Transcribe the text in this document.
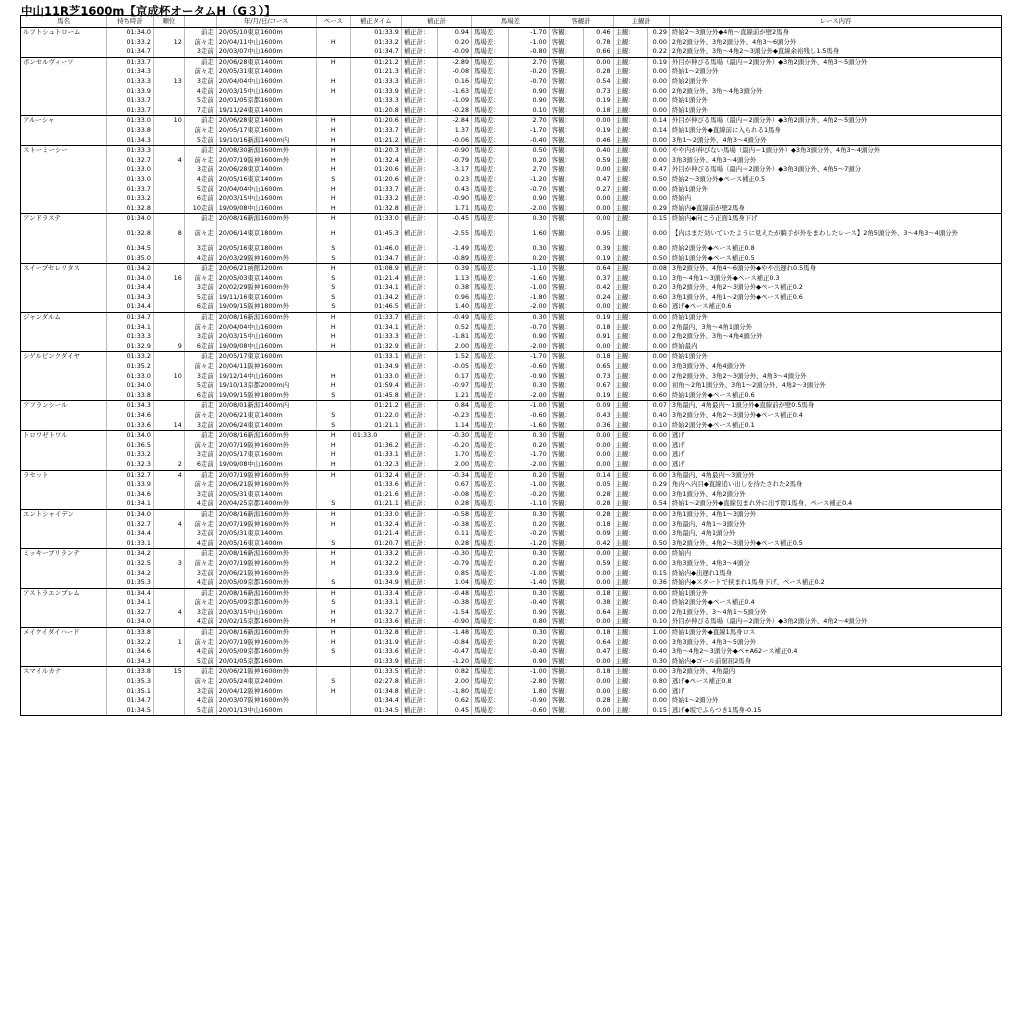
中山11R芝1600m【京成杯オータムH（G３）】
馬名	持ち時計	順位		年/月/日/コース	ペース	補正タイム	補正計		馬場差		客観計		主観計		レース内容
ルフトシュトローム	01:34.0		前走	20/05/10東京1600m		01:33.9	補正計：	0.94	馬場差：	-1.70	客観：	0.46	主観：	0.29	終始2～3頭分外◆4角～直線前が壁2馬身
	01:33.2	12	前々走	20/04/11中山1600m	H	01:33.2	補正計：	0.20	馬場差：	-1.00	客観：	0.78	主観：	0.00	2角2頭分外、3角2頭分外、4角3～6頭分外
	01:34.7		3走前	20/03/07中山1600m		01:34.7	補正計：	-0.09	馬場差：	-0.80	客観：	0.66	主観：	0.22	2角2頭分外、3角～4角2～3頭分外◆直線余裕残し1.5馬身
ボンセルヴィーソ	01:33.7		前走	20/06/28東京1400m	H	01:21.2	補正計：	-2.89	馬場差：	2.70	客観：	0.00	主観：	0.19	外目が伸びる馬場（最内＝2頭分外）◆3角2頭分外、4角3～5頭分外
	01:34.3		前々走	20/05/31東京1400m		01:21.3	補正計：	-0.08	馬場差：	-0.20	客観：	0.28	主観：	0.00	終始1～2頭分外
	01:33.3	13	3走前	20/04/04中山1600m	H	01:33.3	補正計：	0.16	馬場差：	-0.70	客観：	0.54	主観：	0.00	終始2頭分外
	01:33.9		4走前	20/03/15中山1600m	H	01:33.9	補正計：	-1.63	馬場差：	0.90	客観：	0.73	主観：	0.00	2角2頭分外、3角～4角3頭分外
	01:33.7		5走前	20/01/05京都1600m		01:33.3	補正計：	-1.09	馬場差：	0.90	客観：	0.19	主観：	0.00	終始1頭分外
	01:33.7		7走前	19/11/24東京1400m		01:20.8	補正計：	-0.28	馬場差：	0.10	客観：	0.18	主観：	0.00	終始1頭分外
アルーシャ	01:33.0	10	前走	20/06/28東京1400m	H	01:20.6	補正計：	-2.84	馬場差：	2.70	客観：	0.00	主観：	0.14	外目が伸びる馬場（最内＝2頭分外）◆3角2頭分外、4角2～5頭分外
	01:33.8		前々走	20/05/17東京1600m	H	01:33.7	補正計：	1.37	馬場差：	-1.70	客観：	0.19	主観：	0.14	終始1頭分外◆直線前に入られる1馬身
	01:34.3		5走前	19/10/16新潟1400m内	H	01:21.2	補正計：	-0.06	馬場差：	-0.40	客観：	0.46	主観：	0.00	3角1～2頭分外、4角3～4頭分外
ストーミーシー	01:33.3		前走	20/08/30新潟1600m外	H	01:20.3	補正計：	-0.90	馬場差：	0.50	客観：	0.40	主観：	0.00	やや内が伸びない馬場（最内＝1頭分外）◆3角3頭分外、4角3～4頭分外
	01:32.7	4	前々走	20/07/19阪神1600m外	H	01:32.4	補正計：	-0.79	馬場差：	0.20	客観：	0.59	主観：	0.00	3角3頭分外、4角3～4頭分外
	01:33.0		3走前	20/06/28東京1400m	H	01:20.6	補正計：	-3.17	馬場差：	2.70	客観：	0.00	主観：	0.47	外目が伸びる馬場（最内＝2頭分外）◆3角3頭分外、4角5～7頭分
	01:33.0		4走前	20/05/16東京1400m	S	01:20.6	補正計：	0.23	馬場差：	-1.20	客観：	0.47	主観：	0.50	終始2～3頭分外◆ペース補正0.5
	01:33.7		5走前	20/04/04中山1600m	H	01:33.7	補正計：	0.43	馬場差：	-0.70	客観：	0.27	主観：	0.00	終始1頭分外
	01:33.2		6走前	20/03/15中山1600m	H	01:33.2	補正計：	-0.90	馬場差：	0.90	客観：	0.00	主観：	0.00	終始内
	01:32.8		10走前	19/09/08中山1600m	H	01:32.8	補正計：	1.71	馬場差：	-2.00	客観：	0.00	主観：	0.29	終始内◆直線前が壁2馬身
アンドラステ	01:34.0		前走	20/08/16新潟1600m外	H	01:33.0	補正計：	-0.45	馬場差：	0.30	客観：	0.00	主観：	0.15	終始内◆向こう正面1馬身下げ
	01:32.8	8	前々走	20/06/14東京1800m	H	01:45.3	補正計：	-2.55	馬場差：	1.60	客観：	0.95	主観：	0.00	【内はまだ効いていたように見えたが騎手が外をまわしたレース】2角5頭分外、3～4角3～4頭分外
	01:34.5		3走前	20/05/16東京1800m	S	01:46.0	補正計：	-1.49	馬場差：	0.30	客観：	0.39	主観：	0.80	終始2頭分外◆ペース補正0.8
	01:35.0		4走前	20/03/29阪神1600m外	S	01:34.7	補正計：	-0.89	馬場差：	0.20	客観：	0.19	主観：	0.50	終始1頭分外◆ペース補正0.5
スイープセレリタス	01:34.2		前走	20/06/21函館1200m	H	01:08.9	補正計：	0.39	馬場差：	-1.10	客観：	0.64	主観：	0.08	3角2頭分外、4角4～6頭分外◆やや出遅れ0.5馬身
	01:34.0	16	前々走	20/05/03東京1400m	S	01:21.4	補正計：	1.13	馬場差：	-1.60	客観：	0.37	主観：	0.10	3角～4角1～3頭分外◆ペース補正0.3
	01:34.4		3走前	20/02/29阪神1600m外	S	01:34.1	補正計：	0.38	馬場差：	-1.00	客観：	0.42	主観：	0.20	3角2頭分外、4角2～3頭分外◆ペース補正0.2
	01:34.3		5走前	19/11/16東京1600m	S	01:34.2	補正計：	0.96	馬場差：	-1.80	客観：	0.24	主観：	0.60	3角1頭分外、4角1～2頭分外◆ペース補正0.6
	01:34.4		6走前	19/09/15阪神1800m外	S	01:46.5	補正計：	1.40	馬場差：	-2.00	客観：	0.00	主観：	0.60	逃げ◆ペース補正0.6
ジャンダルム	01:34.7		前走	20/08/16新潟1600m外	H	01:33.7	補正計：	-0.49	馬場差：	0.30	客観：	0.19	主観：	0.00	終始1頭分外
	01:34.1		前々走	20/04/04中山1600m	H	01:34.1	補正計：	0.52	馬場差：	-0.70	客観：	0.18	主観：	0.00	2角最内、3角～4角1頭分外
	01:33.3		3走前	20/03/15中山1600m	H	01:33.3	補正計：	-1.81	馬場差：	0.90	客観：	0.91	主観：	0.00	2角2頭分外、3角～4角4頭分外
	01:32.9	9	6走前	19/09/08中山1600m	H	01:32.9	補正計：	2.00	馬場差：	-2.00	客観：	0.00	主観：	0.00	終始最内
シゲルピンクダイヤ	01:33.2		前走	20/05/17東京1600m		01:33.1	補正計：	1.52	馬場差：	-1.70	客観：	0.18	主観：	0.00	終始1頭分外
	01:35.2		前々走	20/04/11阪神1600m		01:34.9	補正計：	-0.05	馬場差：	-0.60	客観：	0.65	主観：	0.00	3角3頭分外、4角4頭分外
	01:33.0	10	3走前	19/12/14中山1600m	H	01:33.0	補正計：	0.17	馬場差：	-0.90	客観：	0.73	主観：	0.00	2角2頭分外、3角2～3頭分外、4角3～4頭分外
	01:34.0		5走前	19/10/13京都2000m内	H	01:59.4	補正計：	-0.97	馬場差：	0.30	客観：	0.67	主観：	0.00	初角～2角1頭分外、3角1～2頭分外、4角2～3頭分外
	01:33.8		6走前	19/09/15阪神1800m外	S	01:45.8	補正計：	1.21	馬場差：	-2.00	客観：	0.19	主観：	0.60	終始1頭分外◆ペース補正0.6
アフランシール	01:34.3		前走	20/08/01新潟1400m内		01:21.2	補正計：	0.84	馬場差：	-1.00	客観：	0.09	主観：	0.07	3角最内、4角最内～1頭分外◆直線前が壁0.5馬身
	01:34.6		前々走	20/06/21東京1400m	S	01:22.0	補正計：	-0.23	馬場差：	-0.60	客観：	0.43	主観：	0.40	3角2頭分外、4角2～3頭分外◆ペース補正0.4
	01:33.6	14	3走前	20/06/24東京1400m	S	01:21.1	補正計：	1.14	馬場差：	-1.60	客観：	0.36	主観：	0.10	終始2頭分外◆ペース補正0.1
トロワゼトワル	01:34.0		前走	20/08/16新潟1600m外	H	01:33.0	補正計：	-0.30	馬場差：	0.30	客観：	0.00	主観：	0.00	逃げ
	01:36.5		前々走	20/07/19阪神1600m外	H	01:36.2	補正計：	-0.20	馬場差：	0.20	客観：	0.00	主観：	0.00	逃げ
	01:33.2		3走前	20/05/17東京1600m	H	01:33.1	補正計：	1.70	馬場差：	-1.70	客観：	0.00	主観：	0.00	逃げ
	01:32.3	2	6走前	19/09/08中山1600m	H	01:32.3	補正計：	2.00	馬場差：	-2.00	客観：	0.00	主観：	0.00	逃げ
ラセット	01:32.7	4	前走	20/07/19阪神1600m外	H	01:32.4	補正計：	-0.34	馬場差：	0.20	客観：	0.14	主観：	0.00	3角最内、4角最内～3頭分外
	01:33.9		前々走	20/06/21阪神1600m外		01:33.6	補正計：	0.67	馬場差：	-1.00	客観：	0.05	主観：	0.29	角内へ内目◆直線追い出しを待たされた2馬身
	01:34.6		3走前	20/05/31東京1400m		01:21.6	補正計：	-0.08	馬場差：	-0.20	客観：	0.28	主観：	0.00	3角1頭分外、4角2頭分外
	01:34.1		4走前	20/04/25京都1400m外	S	01:21.1	補正計：	0.28	馬場差：	-1.10	客観：	0.28	主観：	0.54	終始1～2頭分外◆直線包まれ外に出す際1馬身、ペース補正0.4
エントシャイデン	01:34.0		前走	20/08/16新潟1600m外	H	01:33.0	補正計：	-0.58	馬場差：	0.30	客観：	0.28	主観：	0.00	3角1頭分外、4角1～3頭分外
	01:32.7	4	前々走	20/07/19阪神1600m外	H	01:32.4	補正計：	-0.38	馬場差：	0.20	客観：	0.18	主観：	0.00	3角最内、4角1～3頭分外
	01:34.4		3走前	20/05/31東京1400m		01:21.4	補正計：	0.11	馬場差：	-0.20	客観：	0.09	主観：	0.00	3角最内、4角1頭分外
	01:33.1		4走前	20/05/16東京1400m	S	01:20.7	補正計：	0.28	馬場差：	-1.20	客観：	0.42	主観：	0.50	3角2頭分外、4角2～3頭分外◆ペース補正0.5
ミッキーブリランテ	01:34.2		前走	20/08/16新潟1600m外	H	01:33.2	補正計：	-0.30	馬場差：	0.30	客観：	0.00	主観：	0.00	終始内
	01:32.5	3	前々走	20/07/19阪神1600m外	H	01:32.2	補正計：	-0.79	馬場差：	0.20	客観：	0.59	主観：	0.00	3角3頭分外、4角3～4頭分
	01:34.2		3走前	20/06/21阪神1600m外		01:33.9	補正計：	0.85	馬場差：	-1.00	客観：	0.00	主観：	0.15	終始内◆出遅れ1馬身
	01:35.3		4走前	20/05/09京都1600m外	S	01:34.9	補正計：	1.04	馬場差：	-1.40	客観：	0.00	主観：	0.36	終始内◆スタートで挟まれ1馬身下げ、ペース補正0.2
アストラエンブレム	01:34.4		前走	20/08/16新潟1600m外	H	01:33.4	補正計：	-0.48	馬場差：	0.30	客観：	0.18	主観：	0.00	終始1頭分外
	01:34.1		前々走	20/05/09京都1600m外	S	01:33.1	補正計：	-0.38	馬場差：	-0.40	客観：	0.38	主観：	0.40	終始2頭分外◆ペース補正0.4
	01:32.7	4	3走前	20/03/15中山1600m	H	01:32.7	補正計：	-1.54	馬場差：	0.90	客観：	0.64	主観：	0.00	2角1頭分外、3～4角1～5頭分外
	01:34.0		4走前	20/02/15京都1600m外	H	01:33.6	補正計：	-0.90	馬場差：	0.80	客観：	0.00	主観：	0.10	外目が伸びる馬場（最内＝2頭分外）◆3角2頭分外、4角2～4頭分外
メイケイダイハード	01:33.8		前走	20/08/16新潟1600m外	H	01:32.8	補正計：	-1.48	馬場差：	0.30	客観：	0.18	主観：	1.00	終始1頭分外◆直線1馬身ロス
	01:32.2	1	前々走	20/07/19阪神1600m外	H	01:31.9	補正計：	-0.84	馬場差：	0.20	客観：	0.64	主観：	0.00	3角3頭分外、4角3～5頭分外
	01:34.6		4走前	20/05/09京都1600m外	S	01:33.6	補正計：	-0.47	馬場差：	-0.40	客観：	0.47	主観：	0.40	3角～4角2～3頭分外◆ペ+A62ース補正0.4
	01:34.3		5走前	20/01/05京都1600m		01:33.9	補正計：	-1.20	馬場差：	0.90	客観：	0.00	主観：	0.30	終始内◆ゴール前窮屈2馬身
スマイルカナ	01:33.8	15	前走	20/06/21阪神1600m外		01:33.5	補正計：	0.82	馬場差：	-1.00	客観：	0.18	主観：	0.00	3角2頭分外、4角最内
	01:35.3		前々走	20/05/24東京2400m	S	02:27.8	補正計：	2.00	馬場差：	-2.80	客観：	0.00	主観：	0.80	逃げ◆ペース補正0.8
	01:35.1		3走前	20/04/12阪神1600m	H	01:34.8	補正計：	-1.80	馬場差：	1.80	客観：	0.00	主観：	0.00	逃げ
	01:34.7		4走前	20/03/07阪神1600m外		01:34.4	補正計：	0.62	馬場差：	-0.90	客観：	0.28	主観：	0.00	終始1～2頭分外
	01:34.5		5走前	20/01/13中山1600m		01:34.5	補正計：	0.45	馬場差：	-0.60	客観：	0.00	主観：	0.15	逃げ◆坂でふらつき1馬身-0.15
